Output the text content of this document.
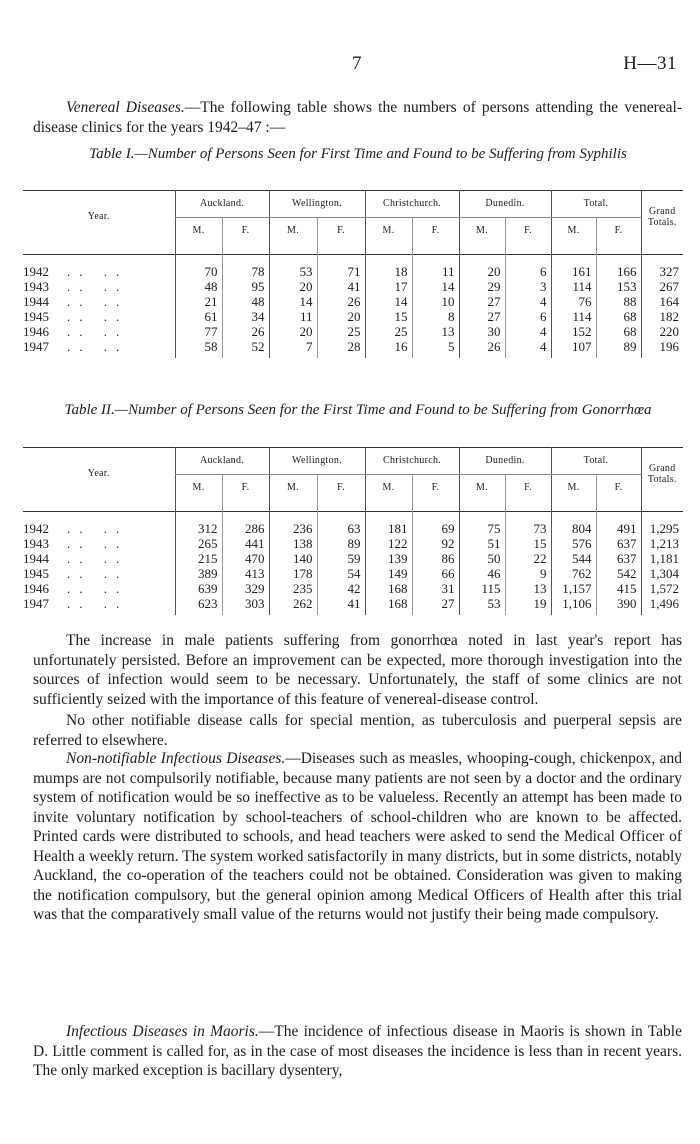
7	H—31
Venereal Diseases.—The following table shows the numbers of persons attending the venereal-disease clinics for the years 1942–47 :—
Table I.—Number of Persons Seen for First Time and Found to be Suffering from Syphilis
Year.	Auckland.		Wellington.		Christchurch.		Dunedin.		Total.		Grand Totals.
	M.	F.	M.	F.	M.	F.	M.	F.	M.	F.	

1942 .. ..	70	78	53	71	18	11	20	6	161	166	327
1943 .. ..	48	95	20	41	17	14	29	3	114	153	267
1944 .. ..	21	48	14	26	14	10	27	4	76	88	164
1945 .. ..	61	34	11	20	15	8	27	6	114	68	182
1946 .. ..	77	26	20	25	25	13	30	4	152	68	220
1947 .. ..	58	52	7	28	16	5	26	4	107	89	196
Table II.—Number of Persons Seen for the First Time and Found to be Suffering from Gonorrhœa
Year.	Auckland.		Wellington.		Christchurch.		Dunedin.		Total.		Grand Totals.
	M.	F.	M.	F.	M.	F.	M.	F.	M.	F.	

1942 .. ..	312	286	236	63	181	69	75	73	804	491	1,295
1943 .. ..	265	441	138	89	122	92	51	15	576	637	1,213
1944 .. ..	215	470	140	59	139	86	50	22	544	637	1,181
1945 .. ..	389	413	178	54	149	66	46	9	762	542	1,304
1946 .. ..	639	329	235	42	168	31	115	13	1,157	415	1,572
1947 .. ..	623	303	262	41	168	27	53	19	1,106	390	1,496
The increase in male patients suffering from gonorrhœa noted in last year's report has unfortunately persisted. Before an improvement can be expected, more thorough investigation into the sources of infection would seem to be necessary. Unfortunately, the staff of some clinics are not sufficiently seized with the importance of this feature of venereal-disease control.
No other notifiable disease calls for special mention, as tuberculosis and puerperal sepsis are referred to elsewhere.
Non-notifiable Infectious Diseases.—Diseases such as measles, whooping-cough, chickenpox, and mumps are not compulsorily notifiable, because many patients are not seen by a doctor and the ordinary system of notification would be so ineffective as to be valueless. Recently an attempt has been made to invite voluntary notification by school-teachers of school-children who are known to be affected. Printed cards were distributed to schools, and head teachers were asked to send the Medical Officer of Health a weekly return. The system worked satisfactorily in many districts, but in some districts, notably Auckland, the co-operation of the teachers could not be obtained. Consideration was given to making the notification compulsory, but the general opinion among Medical Officers of Health after this trial was that the comparatively small value of the returns would not justify their being made compulsory.
Infectious Diseases in Maoris.—The incidence of infectious disease in Maoris is shown in Table D. Little comment is called for, as in the case of most diseases the incidence is less than in recent years. The only marked exception is bacillary dysentery,
